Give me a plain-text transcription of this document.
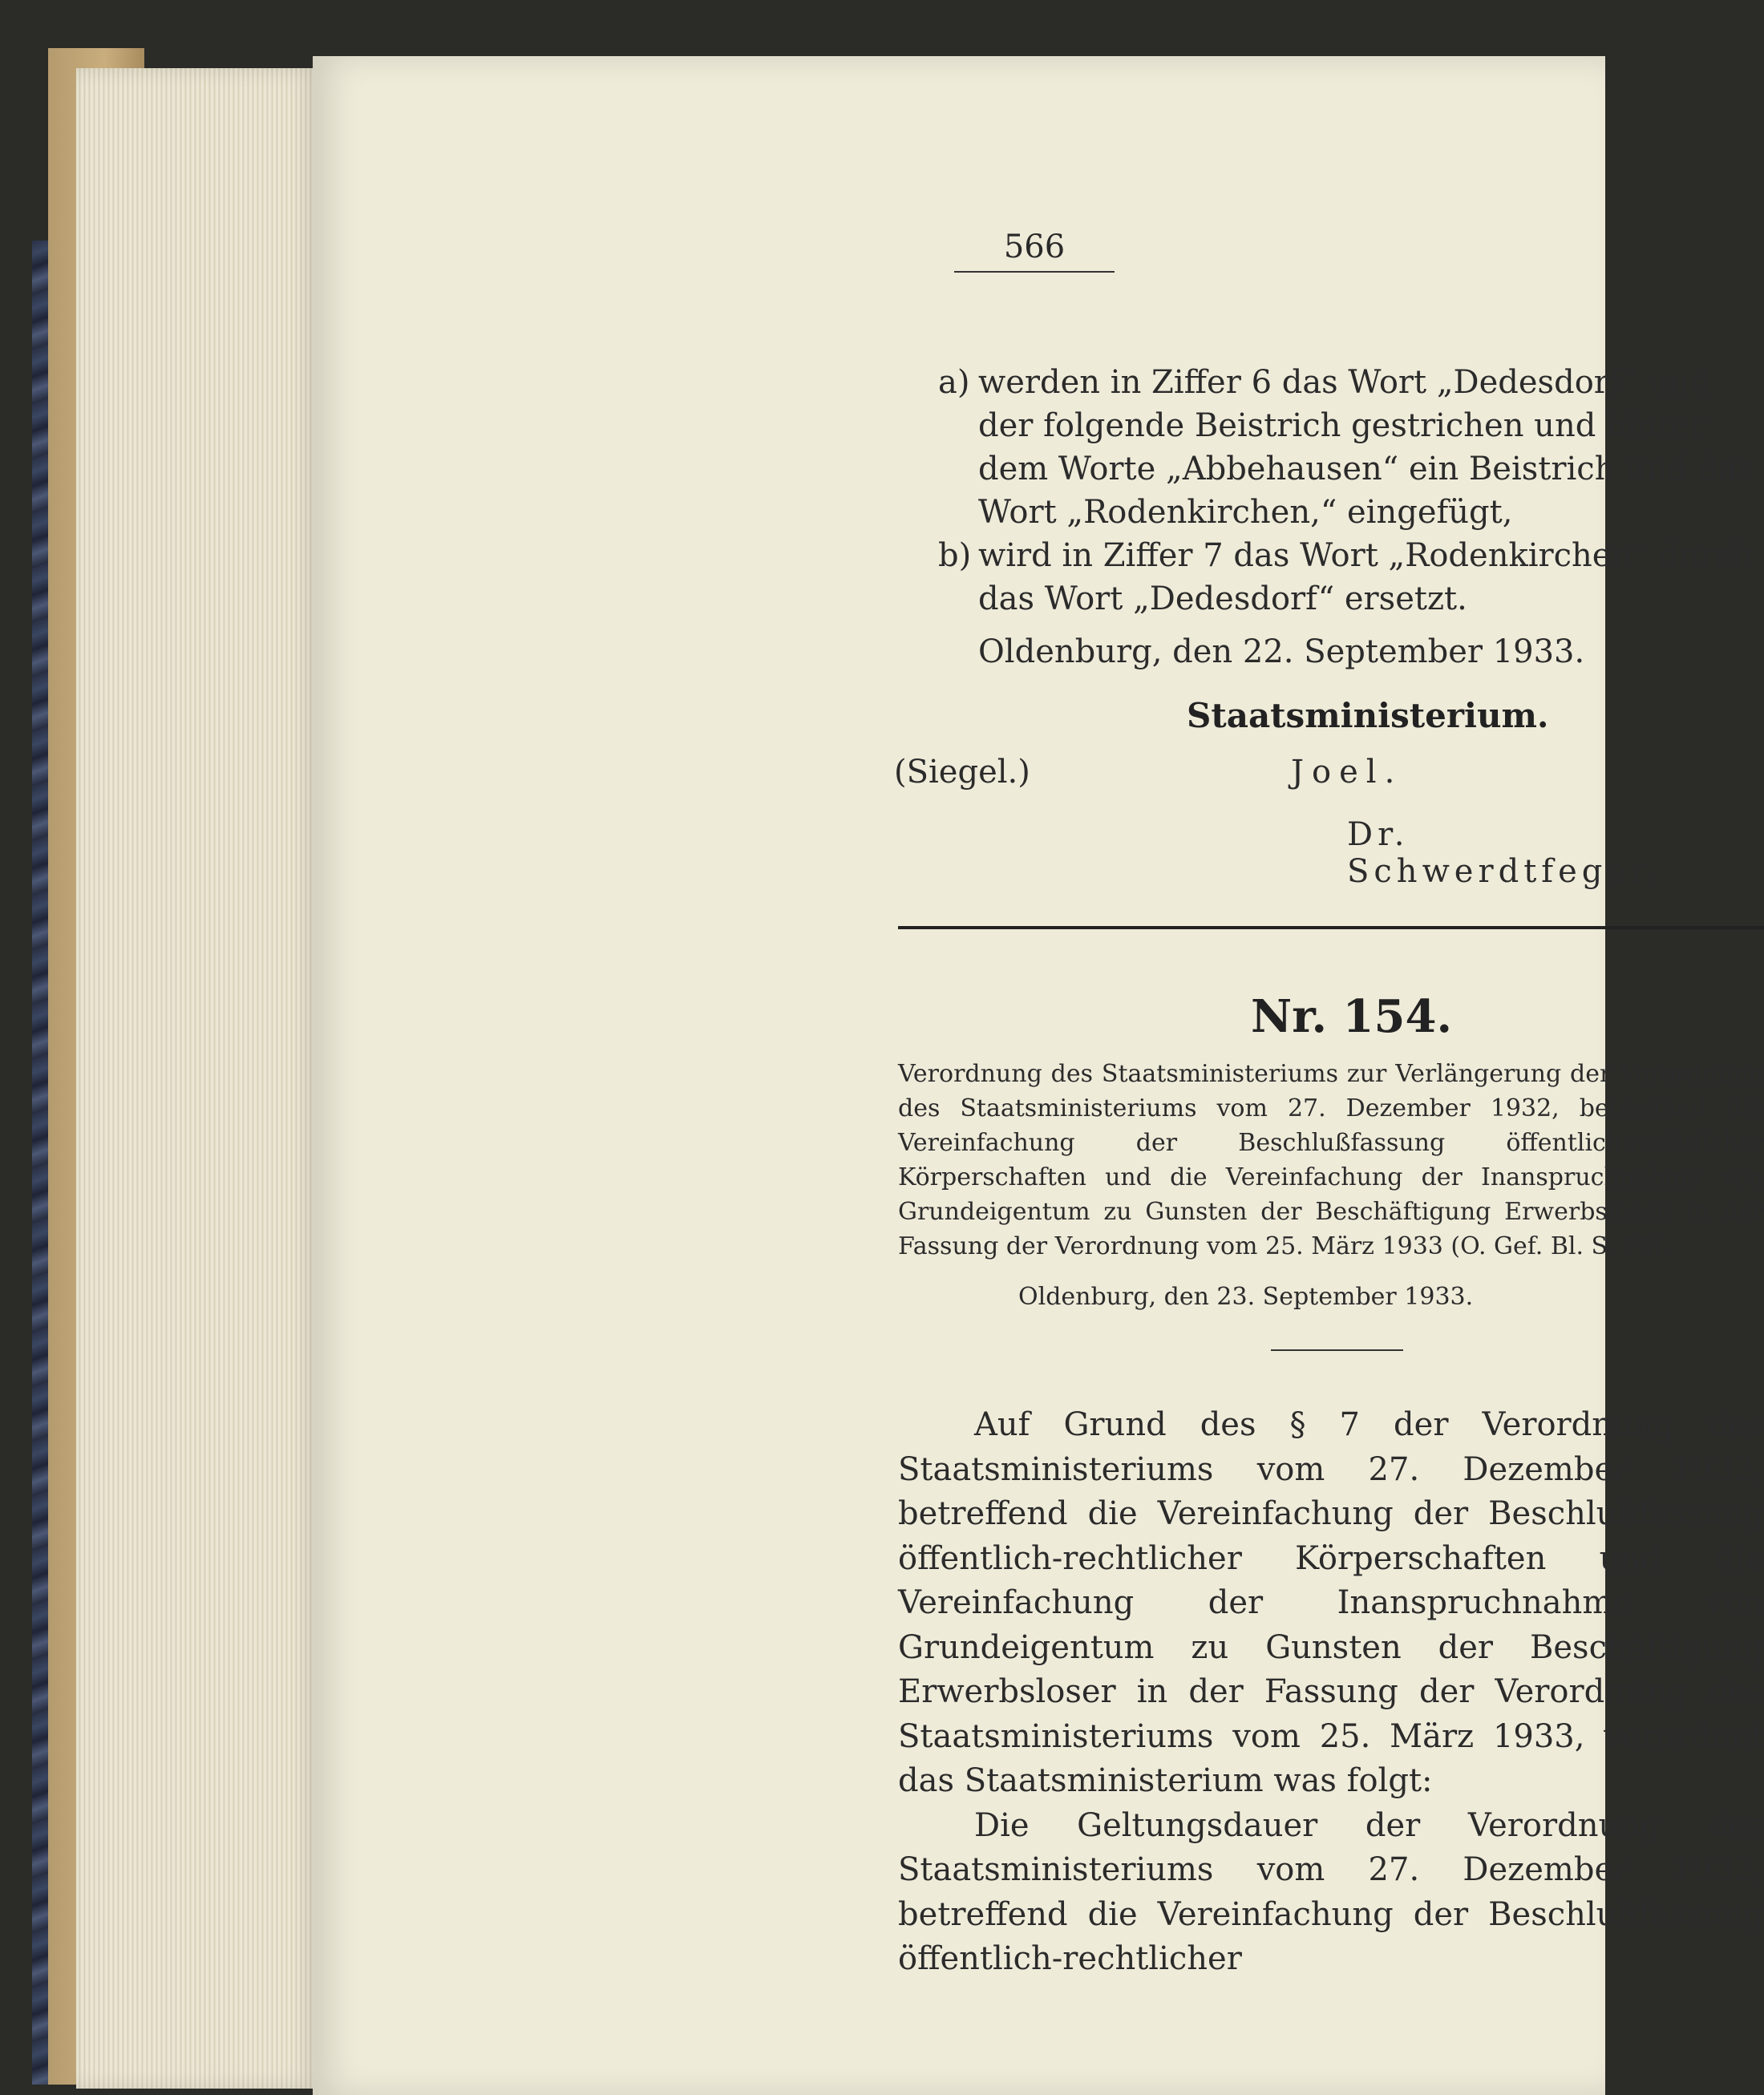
566
a) werden in Ziffer 6 das Wort „Dedesdorf“ und der folgende Beistrich gestrichen und hinter dem Worte „Abbehausen“ ein Beistrich und das Wort „Rodenkirchen,“ eingefügt,
b) wird in Ziffer 7 das Wort „Rodenkirchen“ durch das Wort „Dedesdorf“ ersetzt.
Oldenburg, den 22. September 1933.
Staatsministerium.
(Siegel.)	Joel.
Dr. Schwerdtfeger.
Nr. 154.
Verordnung des Staatsministeriums zur Verlängerung der Verordnung des Staatsministeriums vom 27. Dezember 1932, betreffend die Vereinfachung der Beschlußfassung öffentlich-rechtlicher Körperschaften und die Vereinfachung der Inanspruchnahme von Grundeigentum zu Gunsten der Beschäftigung Erwerbsloser, in der Fassung der Verordnung vom 25. März 1933 (O. Gef. Bl. S. 75).
Oldenburg, den 23. September 1933.

Auf Grund des § 7 der Verordnung des Staatsministeriums vom 27. Dezember 1932, betreffend die Vereinfachung der Beschlußfassung öffentlich-rechtlicher Körperschaften und die Vereinfachung der Inanspruchnahme von Grundeigentum zu Gunsten der Beschäftigung Erwerbsloser in der Fassung der Verordnung des Staatsministeriums vom 25. März 1933, verordnet das Staatsministerium was folgt:

Die Geltungsdauer der Verordnung des Staatsministeriums vom 27. Dezember 1932, betreffend die Vereinfachung der Beschlußfassung öffentlich-rechtlicher
